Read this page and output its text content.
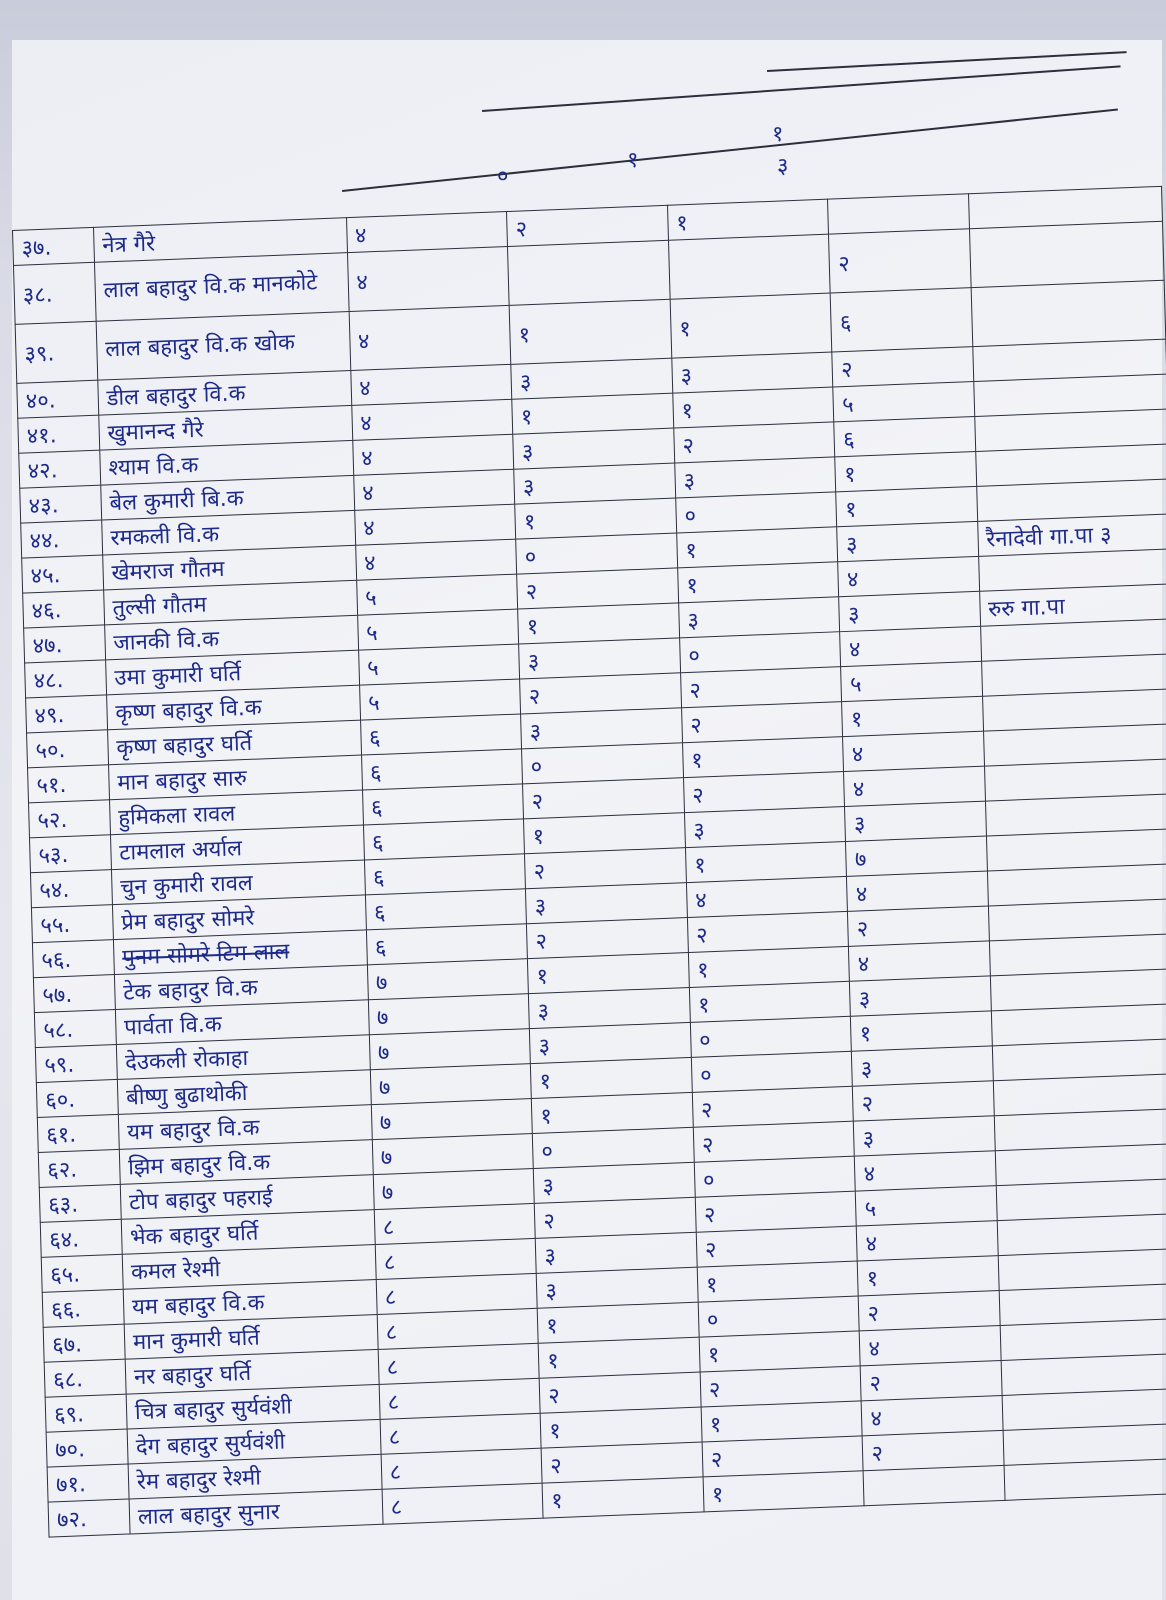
१
१
०	३
३७.	नेत्र गैरे	४	२	१		
३८.	लाल बहादुर वि.क मानकोटे	४			२	
३९.	लाल बहादुर वि.क खोक	४	१	१	६	
४०.	डील बहादुर वि.क	४	३	३	२	
४१.	खुमानन्द गैरे	४	१	१	५	
४२.	श्याम वि.क	४	३	२	६	
४३.	बेल कुमारी बि.क	४	३	३	१	
४४.	रमकली वि.क	४	१	०	१	
४५.	खेमराज गौतम	४	०	१	३	रैनादेवी गा.पा ३
४६.	तुल्सी गौतम	५	२	१	४	
४७.	जानकी वि.क	५	१	३	३	रुरु गा.पा
४८.	उमा कुमारी घर्ति	५	३	०	४	
४९.	कृष्ण बहादुर वि.क	५	२	२	५	
५०.	कृष्ण बहादुर घर्ति	६	३	२	१	
५१.	मान बहादुर सारु	६	०	१	४	
५२.	हुमिकला रावल	६	२	२	४	
५३.	टामलाल अर्याल	६	१	३	३	
५४.	चुन कुमारी रावल	६	२	१	७	
५५.	प्रेम बहादुर सोमरे	६	३	४	४	
५६.	पुनम सोमरे टिम लाल	६	२	२	२	
५७.	टेक बहादुर वि.क	७	१	१	४	
५८.	पार्वता वि.क	७	३	१	३	
५९.	देउकली रोकाहा	७	३	०	१	
६०.	बीष्णु बुढाथोकी	७	१	०	३	
६१.	यम बहादुर वि.क	७	१	२	२	
६२.	झिम बहादुर वि.क	७	०	२	३	
६३.	टोप बहादुर पहराई	७	३	०	४	
६४.	भेक बहादुर घर्ति	८	२	२	५	
६५.	कमल रेश्मी	८	३	२	४	
६६.	यम बहादुर वि.क	८	३	१	१	
६७.	मान कुमारी घर्ति	८	१	०	२	
६८.	नर बहादुर घर्ति	८	१	१	४	
६९.	चित्र बहादुर सुर्यवंशी	८	२	२	२	
७०.	देग बहादुर सुर्यवंशी	८	१	१	४	
७१.	रेम बहादुर रेश्मी	८	२	२	२	
७२.	लाल बहादुर सुनार	८	१	१		
